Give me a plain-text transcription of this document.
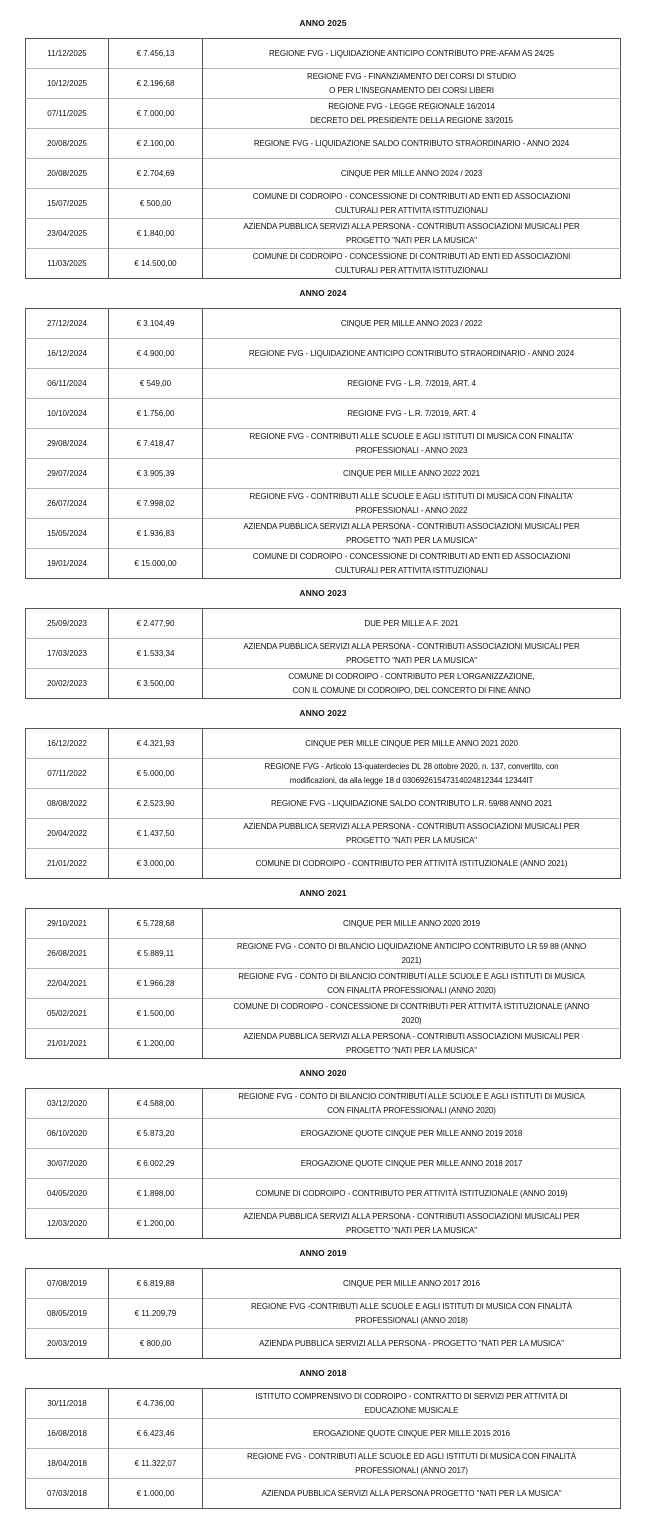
ANNO 2025
11/12/2025	€ 7.456,13	REGIONE FVG - LIQUIDAZIONE ANTICIPO CONTRIBUTO PRE-AFAM AS 24/25

10/12/2025	€ 2.196,68	REGIONE FVG - FINANZIAMENTO DEI CORSI DI STUDIO
O PER L'INSEGNAMENTO DEI CORSI LIBERI

07/11/2025	€ 7.000,00	REGIONE FVG - LEGGE REGIONALE 16/2014
DECRETO DEL PRESIDENTE DELLA REGIONE 33/2015

20/08/2025	€ 2.100,00	REGIONE FVG - LIQUIDAZIONE SALDO CONTRIBUTO STRAORDINARIO - ANNO 2024

20/08/2025	€ 2.704,69	CINQUE PER MILLE ANNO 2024 / 2023

15/07/2025	€ 500,00	COMUNE DI CODROIPO - CONCESSIONE DI CONTRIBUTI AD ENTI ED ASSOCIAZIONI
CULTURALI PER ATTIVITA ISTITUZIONALI

23/04/2025	€ 1.840,00	AZIENDA PUBBLICA SERVIZI ALLA PERSONA - CONTRIBUTI ASSOCIAZIONI MUSICALI PER
PROGETTO "NATI PER LA MUSICA"

11/03/2025	€ 14.500,00	COMUNE DI CODROIPO - CONCESSIONE DI CONTRIBUTI AD ENTI ED ASSOCIAZIONI
CULTURALI PER ATTIVITA ISTITUZIONALI
ANNO 2024
27/12/2024	€ 3.104,49	CINQUE PER MILLE ANNO 2023 / 2022

16/12/2024	€ 4.900,00	REGIONE FVG - LIQUIDAZIONE ANTICIPO CONTRIBUTO STRAORDINARIO - ANNO 2024

06/11/2024	€ 549,00	REGIONE FVG - L.R. 7/2019, ART. 4

10/10/2024	€ 1.756,00	REGIONE FVG - L.R. 7/2019, ART. 4

29/08/2024	€ 7.418,47	REGIONE FVG - CONTRIBUTI ALLE SCUOLE E AGLI ISTITUTI DI MUSICA CON FINALITA'
PROFESSIONALI - ANNO 2023

29/07/2024	€ 3.905,39	CINQUE PER MILLE ANNO 2022 2021

26/07/2024	€ 7.998,02	REGIONE FVG - CONTRIBUTI ALLE SCUOLE E AGLI ISTITUTI DI MUSICA CON FINALITA'
PROFESSIONALI - ANNO 2022

15/05/2024	€ 1.936,83	AZIENDA PUBBLICA SERVIZI ALLA PERSONA - CONTRIBUTI ASSOCIAZIONI MUSICALI PER
PROGETTO "NATI PER LA MUSICA"

19/01/2024	€ 15.000,00	COMUNE DI CODROIPO - CONCESSIONE DI CONTRIBUTI AD ENTI ED ASSOCIAZIONI
CULTURALI PER ATTIVITA ISTITUZIONALI
ANNO 2023
25/09/2023	€ 2.477,90	DUE PER MILLE A.F. 2021

17/03/2023	€ 1.533,34	AZIENDA PUBBLICA SERVIZI ALLA PERSONA - CONTRIBUTI ASSOCIAZIONI MUSICALI PER
PROGETTO "NATI PER LA MUSICA"

20/02/2023	€ 3.500,00	COMUNE DI CODROIPO - CONTRIBUTO PER L'ORGANIZZAZIONE,
CON IL COMUNE DI CODROIPO, DEL CONCERTO DI FINE ANNO
ANNO 2022
16/12/2022	€ 4.321,93	CINQUE PER MILLE CINQUE PER MILLE ANNO 2021 2020

07/11/2022	€ 5.000,00	REGIONE FVG - Articolo 13-quaterdecies DL 28 ottobre 2020, n. 137, convertito, con
modificazioni, da alla legge 18 d 03069261547314024812344 12344IT

08/08/2022	€ 2.523,90	REGIONE FVG - LIQUIDAZIONE SALDO CONTRIBUTO L.R. 59/88 ANNO 2021

20/04/2022	€ 1.437,50	AZIENDA PUBBLICA SERVIZI ALLA PERSONA - CONTRIBUTI ASSOCIAZIONI MUSICALI PER
PROGETTO "NATI PER LA MUSICA"

21/01/2022	€ 3.000,00	COMUNE DI CODROIPO - CONTRIBUTO PER ATTIVITÀ ISTITUZIONALE (ANNO 2021)
ANNO 2021
29/10/2021	€ 5.728,68	CINQUE PER MILLE ANNO 2020 2019

26/08/2021	€ 5.889,11	REGIONE FVG - CONTO DI BILANCIO LIQUIDAZIONE ANTICIPO CONTRIBUTO LR 59 88 (ANNO
2021)

22/04/2021	€ 1.966,28	REGIONE FVG - CONTO DI BILANCIO CONTRIBUTI ALLE SCUOLE E AGLI ISTITUTI DI MUSICA
CON FINALITÀ PROFESSIONALI (ANNO 2020)

05/02/2021	€ 1.500,00	COMUNE DI CODROIPO - CONCESSIONE DI CONTRIBUTI PER ATTIVITÀ ISTITUZIONALE (ANNO
2020)

21/01/2021	€ 1.200,00	AZIENDA PUBBLICA SERVIZI ALLA PERSONA - CONTRIBUTI ASSOCIAZIONI MUSICALI PER
PROGETTO "NATI PER LA MUSICA"
ANNO 2020
03/12/2020	€ 4.588,00	REGIONE FVG - CONTO DI BILANCIO CONTRIBUTI ALLE SCUOLE E AGLI ISTITUTI DI MUSICA
CON FINALITÀ PROFESSIONALI (ANNO 2020)

06/10/2020	€ 5.873,20	EROGAZIONE QUOTE CINQUE PER MILLE ANNO 2019 2018

30/07/2020	€ 6.002,29	EROGAZIONE QUOTE CINQUE PER MILLE ANNO 2018 2017

04/05/2020	€ 1.898,00	COMUNE DI CODROIPO - CONTRIBUTO PER ATTIVITÀ ISTITUZIONALE (ANNO 2019)

12/03/2020	€ 1.200,00	AZIENDA PUBBLICA SERVIZI ALLA PERSONA - CONTRIBUTI ASSOCIAZIONI MUSICALI PER
PROGETTO "NATI PER LA MUSICA"
ANNO 2019
07/08/2019	€ 6.819,88	CINQUE PER MILLE ANNO 2017 2016

08/05/2019	€ 11.209,79	REGIONE FVG -CONTRIBUTI ALLE SCUOLE E AGLI ISTITUTI DI MUSICA CON FINALITÀ
PROFESSIONALI (ANNO 2018)

20/03/2019	€ 800,00	AZIENDA PUBBLICA SERVIZI ALLA PERSONA - PROGETTO "NATI PER LA MUSICA"
ANNO 2018
30/11/2018	€ 4.736,00	ISTITUTO COMPRENSIVO DI CODROIPO - CONTRATTO DI SERVIZI PER ATTIVITÀ DI
EDUCAZIONE MUSICALE

16/08/2018	€ 6.423,46	EROGAZIONE QUOTE CINQUE PER MILLE 2015 2016

18/04/2018	€ 11.322,07	REGIONE FVG - CONTRIBUTI ALLE SCUOLE ED AGLI ISTITUTI DI MUSICA CON FINALITÀ
PROFESSIONALI (ANNO 2017)

07/03/2018	€ 1.000,00	AZIENDA PUBBLICA SERVIZI ALLA PERSONA PROGETTO "NATI PER LA MUSICA"
